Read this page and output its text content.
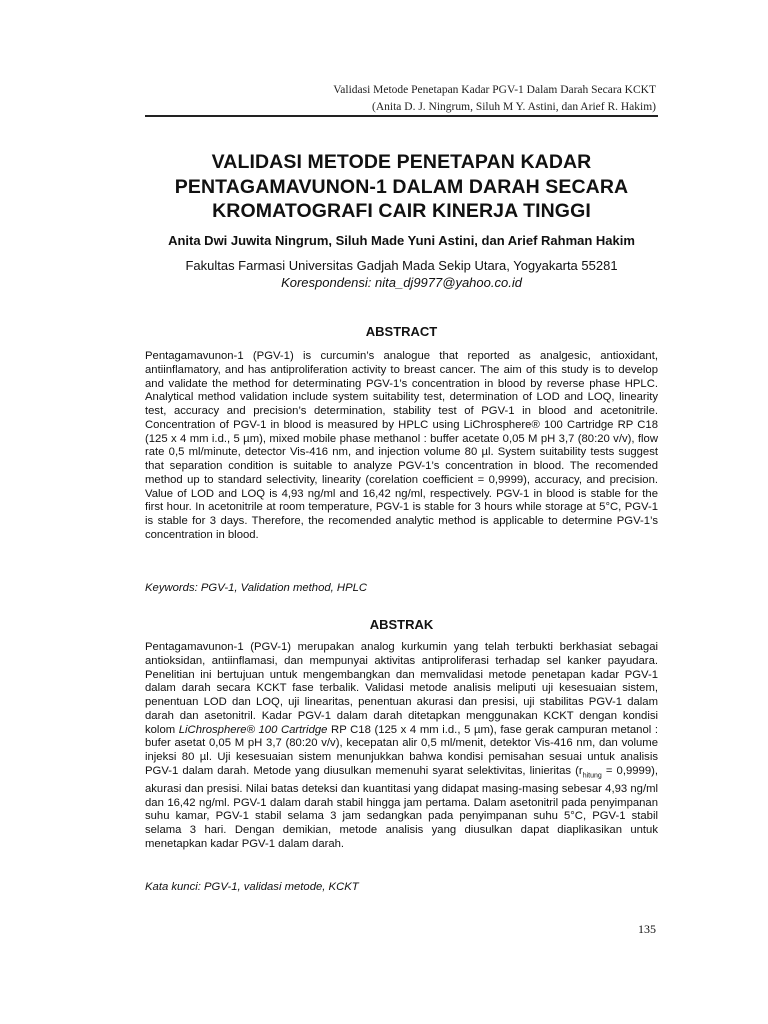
Validasi Metode Penetapan Kadar PGV-1 Dalam Darah Secara KCKT
(Anita D. J. Ningrum, Siluh M Y. Astini, dan Arief R. Hakim)
VALIDASI METODE PENETAPAN KADAR
PENTAGAMAVUNON-1 DALAM DARAH SECARA
KROMATOGRAFI CAIR KINERJA TINGGI
Anita Dwi Juwita Ningrum, Siluh Made Yuni Astini, dan Arief Rahman Hakim
Fakultas Farmasi Universitas Gadjah Mada Sekip Utara, Yogyakarta 55281
Korespondensi: nita_dj9977@yahoo.co.id
ABSTRACT
Pentagamavunon-1 (PGV-1) is curcumin’s analogue that reported as analgesic, antioxidant, antiinflamatory, and has antiproliferation activity to breast cancer. The aim of this study is to develop and validate the method for determinating PGV-1’s concentration in blood by reverse phase HPLC. Analytical method validation include system suitability test, determination of LOD and LOQ, linearity test, accuracy and precision’s determination, stability test of PGV-1 in blood and acetonitrile. Concentration of PGV-1 in blood is measured by HPLC using LiChrosphere® 100 Cartridge RP C18 (125 x 4 mm i.d., 5 µm), mixed mobile phase methanol : buffer acetate 0,05 M pH 3,7 (80:20 v/v), flow rate 0,5 ml/minute, detector Vis-416 nm, and injection volume 80 µl. System suitability tests suggest that separation condition is suitable to analyze PGV-1’s concentration in blood. The recomended method up to standard selectivity, linearity (corelation coefficient = 0,9999), accuracy, and precision. Value of LOD and LOQ is 4,93 ng/ml and 16,42 ng/ml, respectively. PGV-1 in blood is stable for the first hour. In acetonitrile at room temperature, PGV-1 is stable for 3 hours while storage at 5°C, PGV-1 is stable for 3 days. Therefore, the recomended analytic method is applicable to determine PGV-1’s concentration in blood.
Keywords: PGV-1, Validation method, HPLC
ABSTRAK
Pentagamavunon-1 (PGV-1) merupakan analog kurkumin yang telah terbukti berkhasiat sebagai antioksidan, antiinflamasi, dan mempunyai aktivitas antiproliferasi terhadap sel kanker payudara. Penelitian ini bertujuan untuk mengembangkan dan memvalidasi metode penetapan kadar PGV-1 dalam darah secara KCKT fase terbalik. Validasi metode analisis meliputi uji kesesuaian sistem, penentuan LOD dan LOQ, uji linearitas, penentuan akurasi dan presisi, uji stabilitas PGV-1 dalam darah dan asetonitril. Kadar PGV-1 dalam darah ditetapkan menggunakan KCKT dengan kondisi kolom LiChrosphere® 100 Cartridge RP C18 (125 x 4 mm i.d., 5 µm), fase gerak campuran metanol : bufer asetat 0,05 M pH 3,7 (80:20 v/v), kecepatan alir 0,5 ml/menit, detektor Vis-416 nm, dan volume injeksi 80 µl. Uji kesesuaian sistem menunjukkan bahwa kondisi pemisahan sesuai untuk analisis PGV-1 dalam darah. Metode yang diusulkan memenuhi syarat selektivitas, linieritas $(r_{hitung} = 0,9999)$, akurasi dan presisi. Nilai batas deteksi dan kuantitasi yang didapat masing-masing sebesar 4,93 ng/ml dan 16,42 ng/ml. PGV-1 dalam darah stabil hingga jam pertama. Dalam asetonitril pada penyimpanan suhu kamar, PGV-1 stabil selama 3 jam sedangkan pada penyimpanan suhu 5°C, PGV-1 stabil selama 3 hari. Dengan demikian, metode analisis yang diusulkan dapat diaplikasikan untuk menetapkan kadar PGV-1 dalam darah.
Kata kunci: PGV-1, validasi metode, KCKT
135
